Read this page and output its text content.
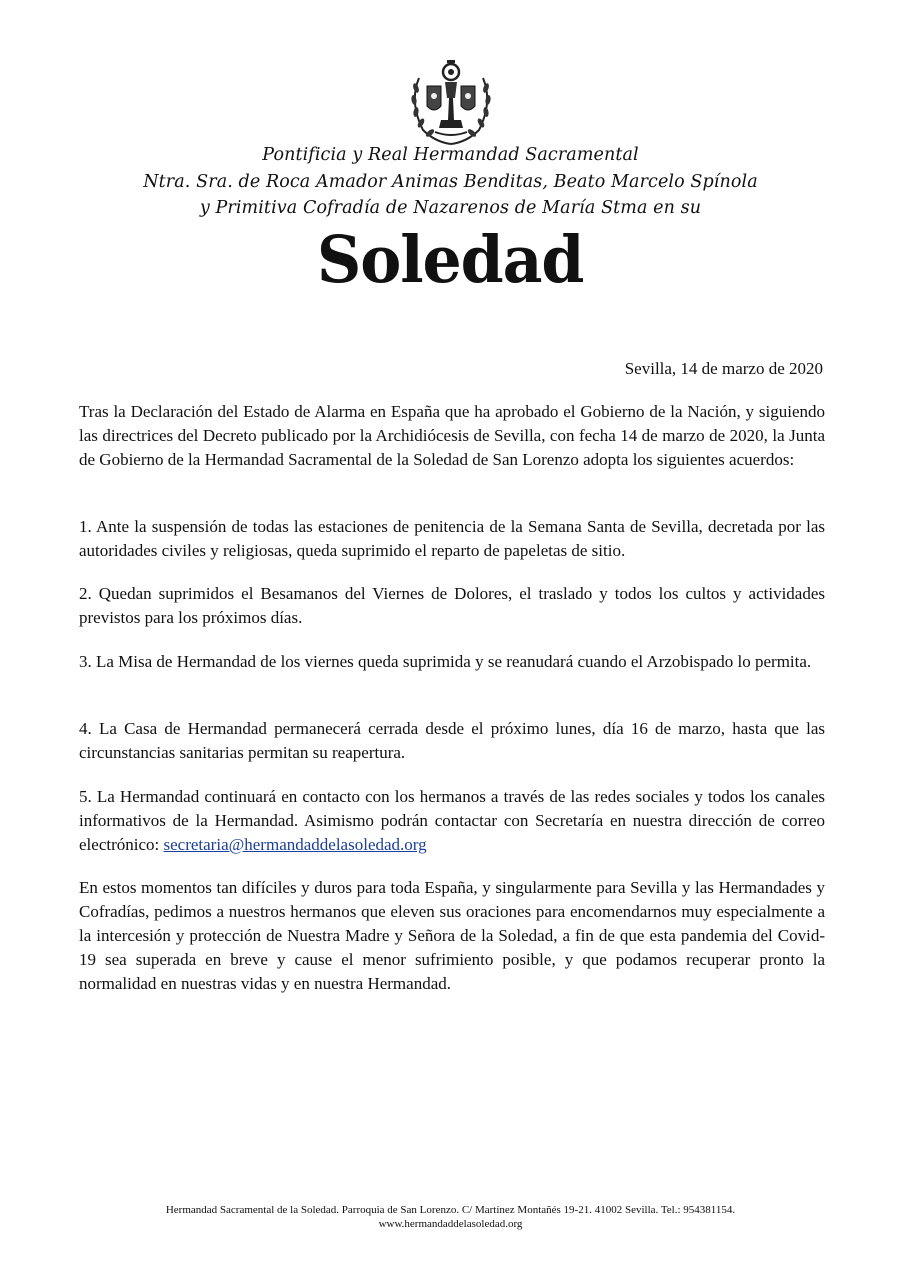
Pontificia y Real Hermandad Sacramental
Ntra. Sra. de Roca Amador Animas Benditas, Beato Marcelo Spínola
y Primitiva Cofradía de Nazarenos de María Stma en su
Soledad
Sevilla, 14 de marzo de 2020
Tras la Declaración del Estado de Alarma en España que ha aprobado el Gobierno de la Nación, y siguiendo las directrices del Decreto publicado por la Archidiócesis de Sevilla, con fecha 14 de marzo de 2020, la Junta de Gobierno de la Hermandad Sacramental de la Soledad de San Lorenzo adopta los siguientes acuerdos:
1. Ante la suspensión de todas las estaciones de penitencia de la Semana Santa de Sevilla, decretada por las autoridades civiles y religiosas, queda suprimido el reparto de papeletas de sitio.
2. Quedan suprimidos el Besamanos del Viernes de Dolores, el traslado y todos los cultos y actividades previstos para los próximos días.
3. La Misa de Hermandad de los viernes queda suprimida y se reanudará cuando el Arzobispado lo permita.
4. La Casa de Hermandad permanecerá cerrada desde el próximo lunes, día 16 de marzo, hasta que las circunstancias sanitarias permitan su reapertura.
5. La Hermandad continuará en contacto con los hermanos a través de las redes sociales y todos los canales informativos de la Hermandad. Asimismo podrán contactar con Secretaría en nuestra dirección de correo electrónico: secretaria@hermandaddelasoledad.org
En estos momentos tan difíciles y duros para toda España, y singularmente para Sevilla y las Hermandades y Cofradías, pedimos a nuestros hermanos que eleven sus oraciones para encomendarnos muy especialmente a la intercesión y protección de Nuestra Madre y Señora de la Soledad, a fin de que esta pandemia del Covid-19 sea superada en breve y cause el menor sufrimiento posible, y que podamos recuperar pronto la normalidad en nuestras vidas y en nuestra Hermandad.
Hermandad Sacramental de la Soledad. Parroquia de San Lorenzo. C/ Martínez Montañés 19-21. 41002 Sevilla. Tel.: 954381154.
www.hermandaddelasoledad.org
